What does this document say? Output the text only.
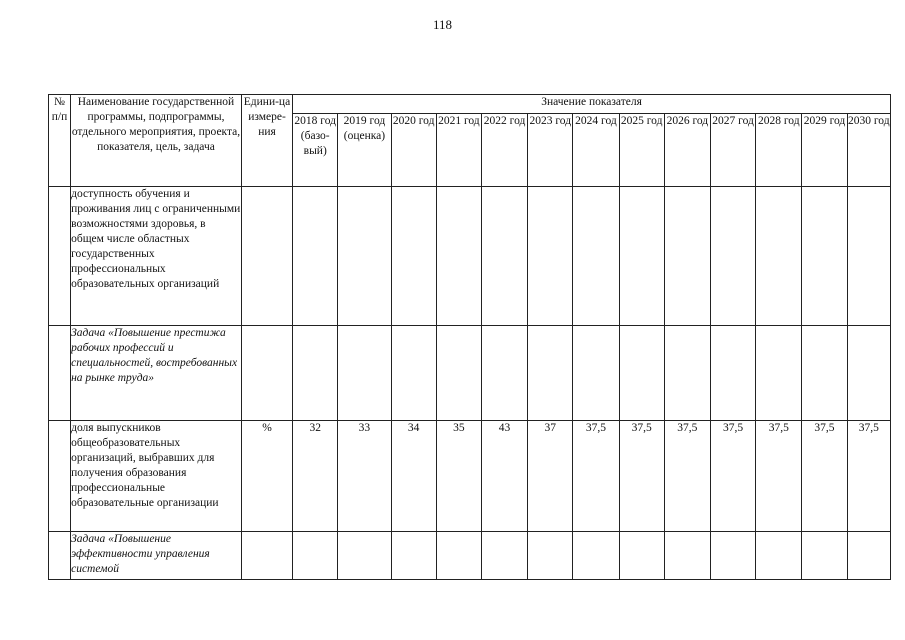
118
№ п/п	Наименование государственной программы, подпрограммы, отдельного мероприятия, проекта, показателя, цель, задача	Едини-ца измере-ния	Значение показателя												
			2018 год (базо-вый)	2019 год (оценка)	2020 год	2021 год	2022 год	2023 год	2024 год	2025 год	2026 год	2027 год	2028 год	2029 год	2030 год
	доступность обучения и проживания лиц с ограниченными возможностями здоровья, в общем числе областных государственных профессиональных образовательных организаций														
	Задача «Повышение престижа рабочих профессий и специальностей, востребованных на рынке труда»														
	доля выпускников общеобразовательных организаций, выбравших для получения образования профессиональные образовательные организации	%	32	33	34	35	43	37	37,5	37,5	37,5	37,5	37,5	37,5	37,5
	Задача «Повышение эффективности управления системой														
